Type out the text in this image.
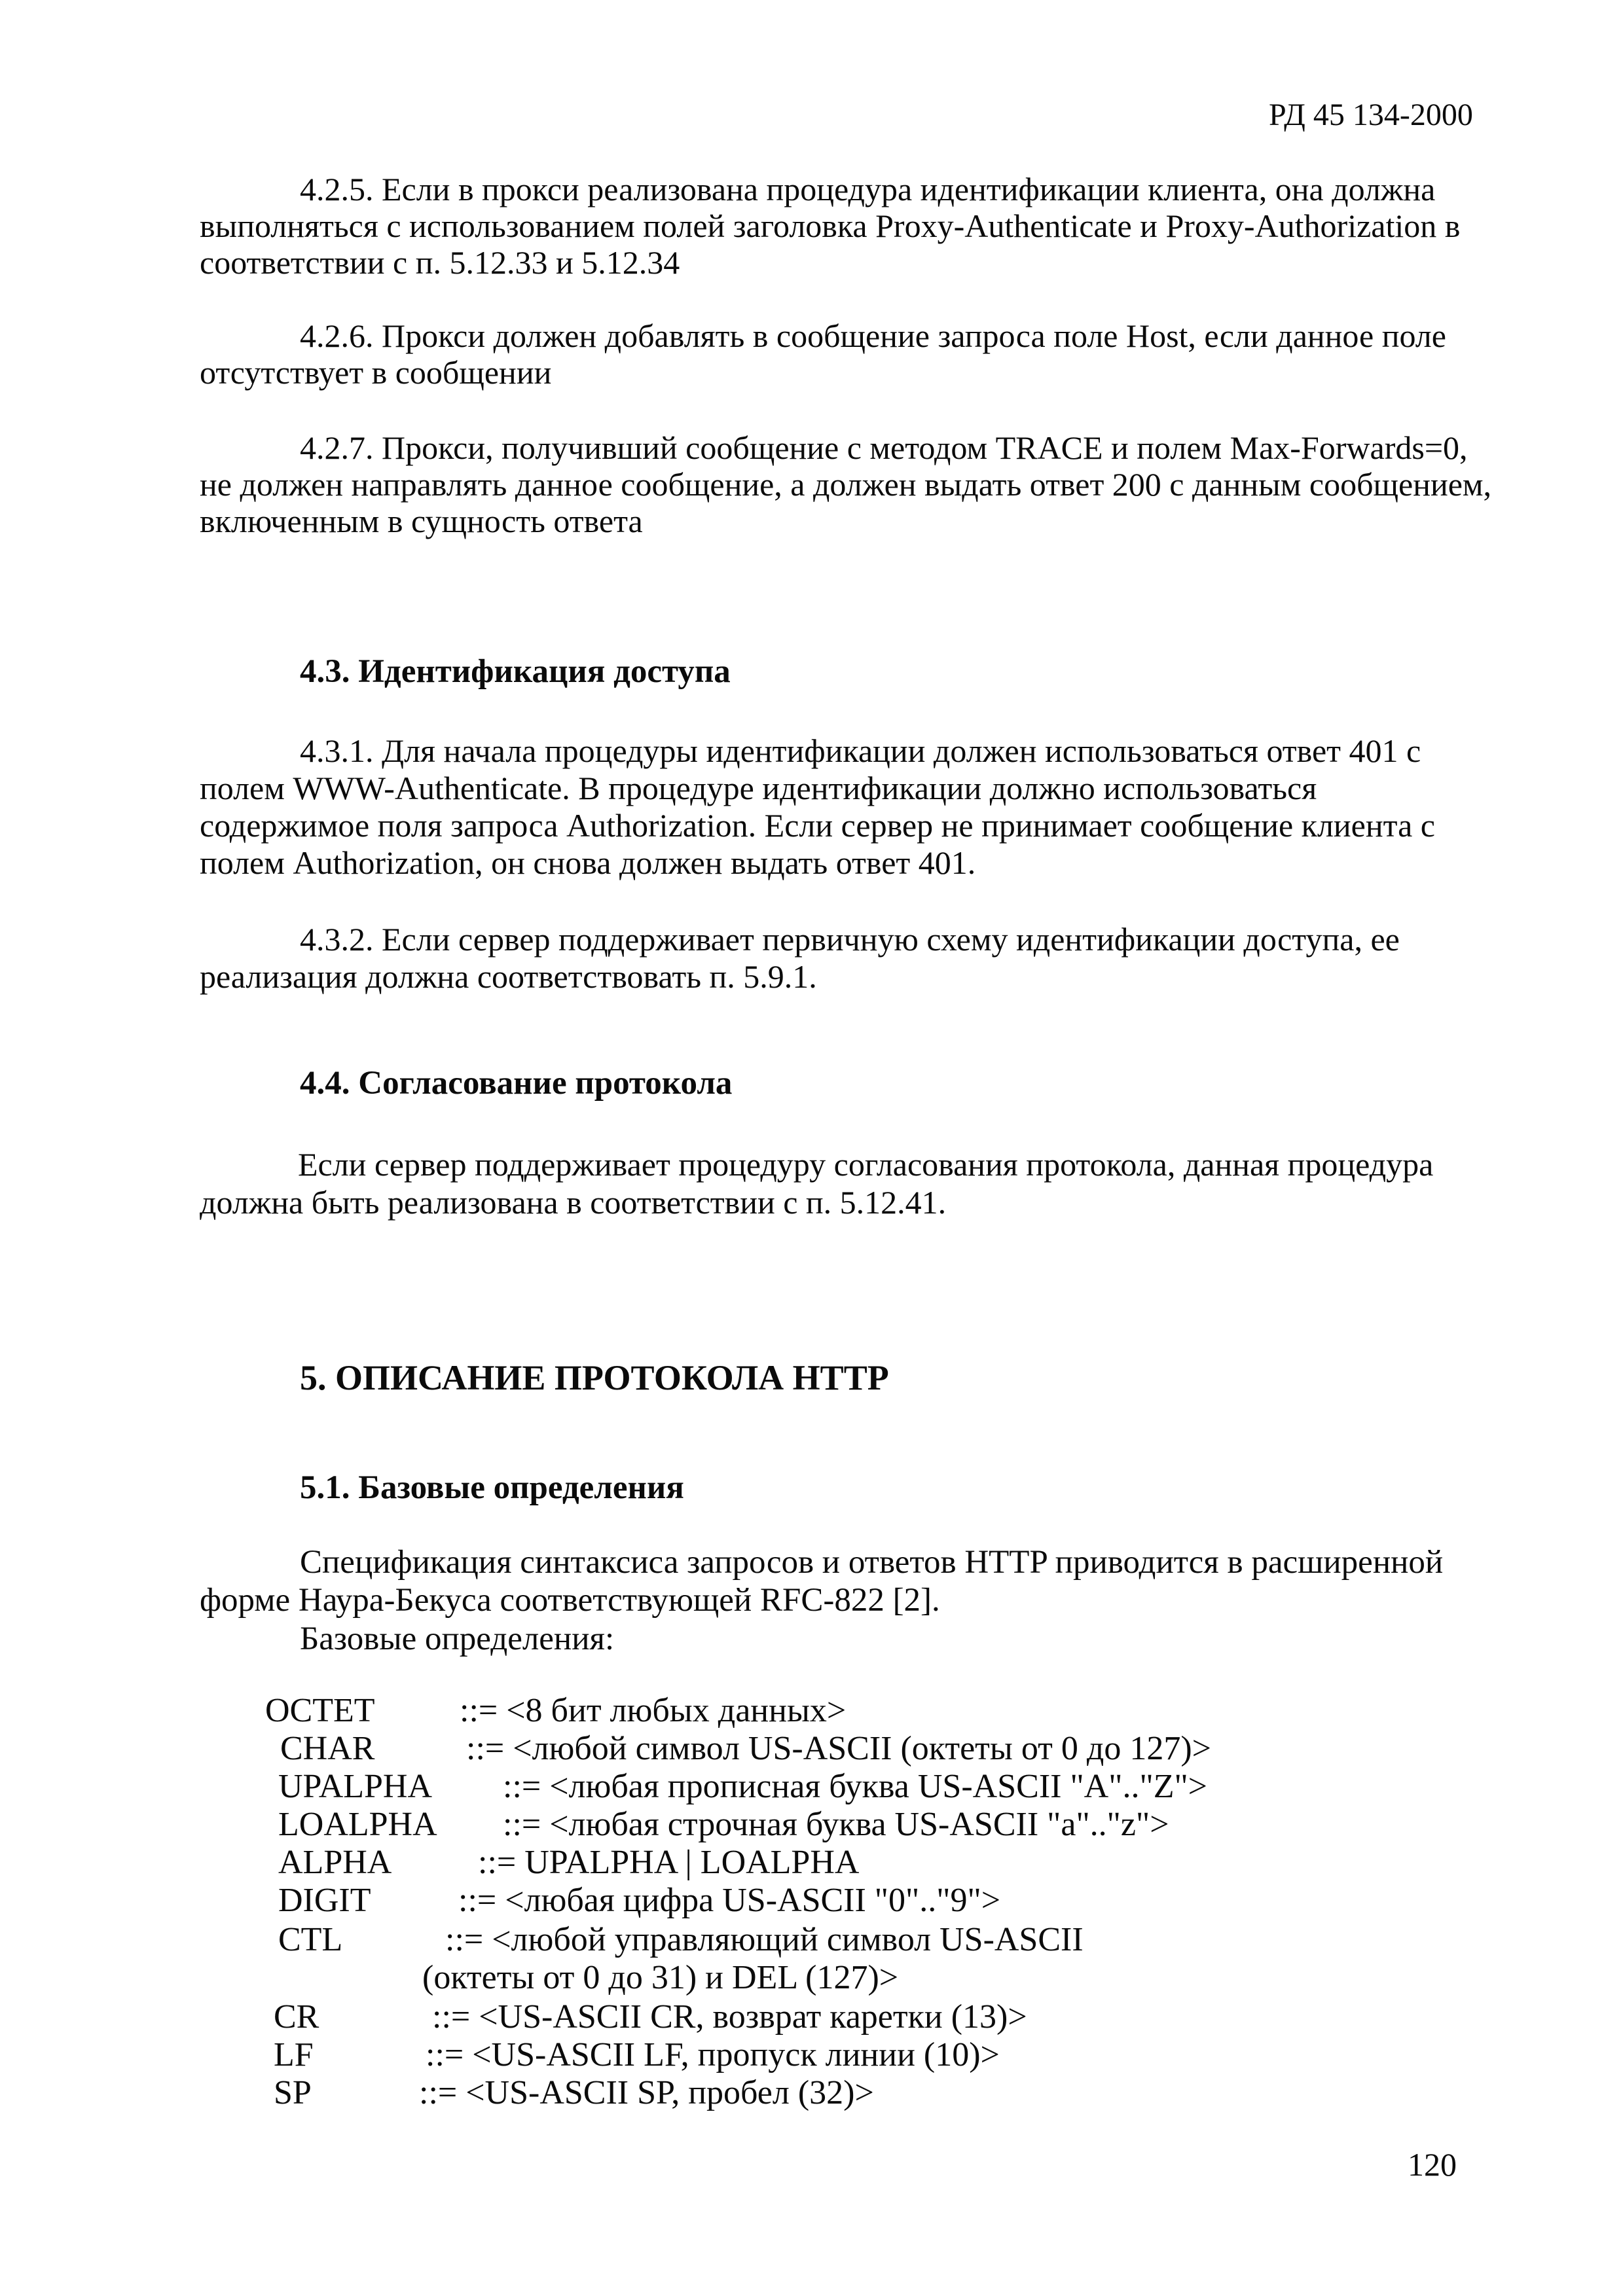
РД 45 134-2000
4.2.5. Если в прокси реализована процедура идентификации клиента, она должна
выполняться с использованием полей заголовка Proxy-Authenticate и Proxy-Authorization в
соответствии с п. 5.12.33 и 5.12.34
4.2.6. Прокси должен добавлять в сообщение запроса поле Host, если данное поле
отсутствует в сообщении
4.2.7. Прокси, получивший сообщение с методом TRACE и полем Max-Forwards=0,
не должен направлять данное сообщение, а должен выдать ответ 200 с данным сообщением,
включенным в сущность ответа
4.3. Идентификация доступа
4.3.1. Для начала процедуры идентификации должен использоваться ответ 401 с
полем WWW-Authenticate. В процедуре идентификации должно использоваться
содержимое поля запроса Authorization. Если сервер не принимает сообщение клиента с
полем Authorization, он снова должен выдать ответ 401.
4.3.2. Если сервер поддерживает первичную схему идентификации доступа, ее
реализация должна соответствовать п. 5.9.1.
4.4. Согласование протокола
Если сервер поддерживает процедуру согласования протокола, данная процедура
должна быть реализована в соответствии с п. 5.12.41.
5. ОПИСАНИЕ ПРОТОКОЛА HTTP
5.1. Базовые определения
Спецификация синтаксиса запросов и ответов HTTP приводится в расширенной
форме Наура-Бекуса соответствующей RFC-822 [2].
Базовые определения:
OCTET ::= <8 бит любых данных>
CHAR	::= <любой символ US-ASCII (октеты от 0 до 127)>
UPALPHA ::= <любая прописная буква US-ASCII "A".."Z">
LOALPHA ::= <любая строчная буква US-ASCII "a".."z">
ALPHA	::= UPALPHA | LOALPHA
DIGIT	::= <любая цифра US-ASCII "0".."9">
CTL	::= <любой управляющий символ US-ASCII
(октеты от 0 до 31) и DEL (127)>
CR	::= <US-ASCII CR, возврат каретки (13)>
LF	::= <US-ASCII LF, пропуск линии (10)>
SP	::= <US-ASCII SP, пробел (32)>
120
